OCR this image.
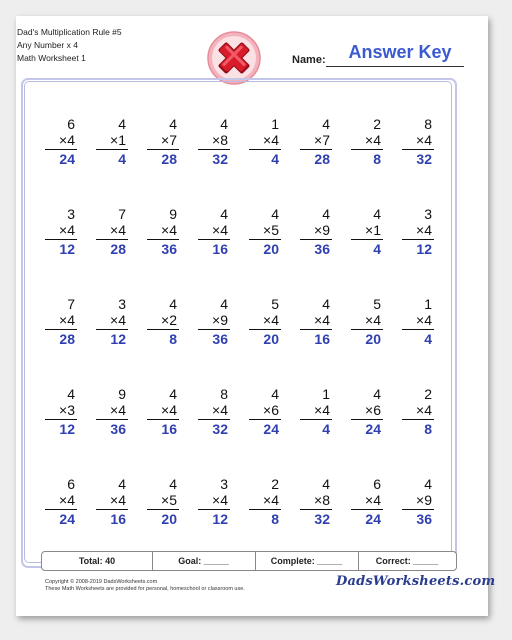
Dad's Multiplication Rule #5
Any Number x 4
Math Worksheet 1	Name:	Answer Key
6
×4
24
4
×1
4
4
×7
28
4
×8
32
1
×4
4
4
×7
28
2
×4
8
8
×4
32
3
×4
12
7
×4
28
9
×4
36
4
×4
16
4
×5
20
4
×9
36
4
×1
4
3
×4
12
7
×4
28
3
×4
12
4
×2
8
4
×9
36
5
×4
20
4
×4
16
5
×4
20
1
×4
4
4
×3
12
9
×4
36
4
×4
16
8
×4
32
4
×6
24
1
×4
4
4
×6
24
2
×4
8
6
×4
24
4
×4
16
4
×5
20
3
×4
12
2
×4
8
4
×8
32
6
×4
24
4
×9
36
Total: 40	Goal: _____	Complete: _____	Correct: _____
Copyright © 2008-2019 DadsWorksheets.com
These Math Worksheets are provided for personal, homeschool or classroom use.	DadsWorksheets.com
